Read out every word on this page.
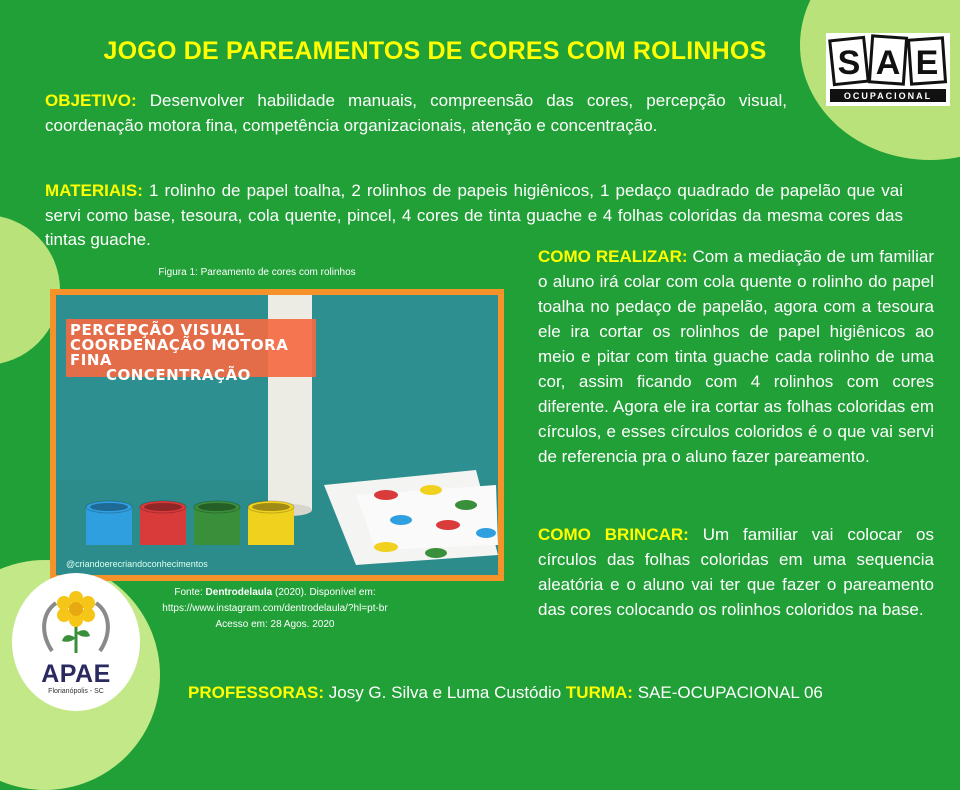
JOGO DE PAREAMENTOS DE CORES COM ROLINHOS	S A E
OCUPACIONAL
OBJETIVO: Desenvolver habilidade manuais, compreensão das cores, percepção visual, coordenação motora fina, competência organizacionais, atenção e concentração.
MATERIAIS: 1 rolinho de papel toalha, 2 rolinhos de papeis higiênicos, 1 pedaço quadrado de papelão que vai servi como base, tesoura, cola quente, pincel, 4 cores de tinta guache e 4 folhas coloridas da mesma cores das tintas guache.
Figura 1: Pareamento de cores com rolinhos
PERCEPÇÃO VISUAL
COORDENAÇÃO MOTORA FINA
CONCENTRAÇÃO
@criandoerecriandoconhecimentos
Fonte: Dentrodelaula (2020). Disponível em:
https://www.instagram.com/dentrodelaula/?hl=pt-br
Acesso em: 28 Agos. 2020
APAE
Florianópolis - SC
COMO REALIZAR: Com a mediação de um familiar o aluno irá colar com cola quente o rolinho do papel toalha no pedaço de papelão, agora com a tesoura ele ira cortar os rolinhos de papel higiênicos ao meio e pitar com tinta guache cada rolinho de uma cor, assim ficando com 4 rolinhos com cores diferente. Agora ele ira cortar as folhas coloridas em círculos, e esses círculos coloridos é o que vai servi de referencia pra o aluno fazer pareamento.
COMO BRINCAR: Um familiar vai colocar os círculos das folhas coloridas em uma sequencia aleatória e o aluno vai ter que fazer o pareamento das cores colocando os rolinhos coloridos na base.
PROFESSORAS: Josy G. Silva e Luma Custódio TURMA: SAE-OCUPACIONAL 06
